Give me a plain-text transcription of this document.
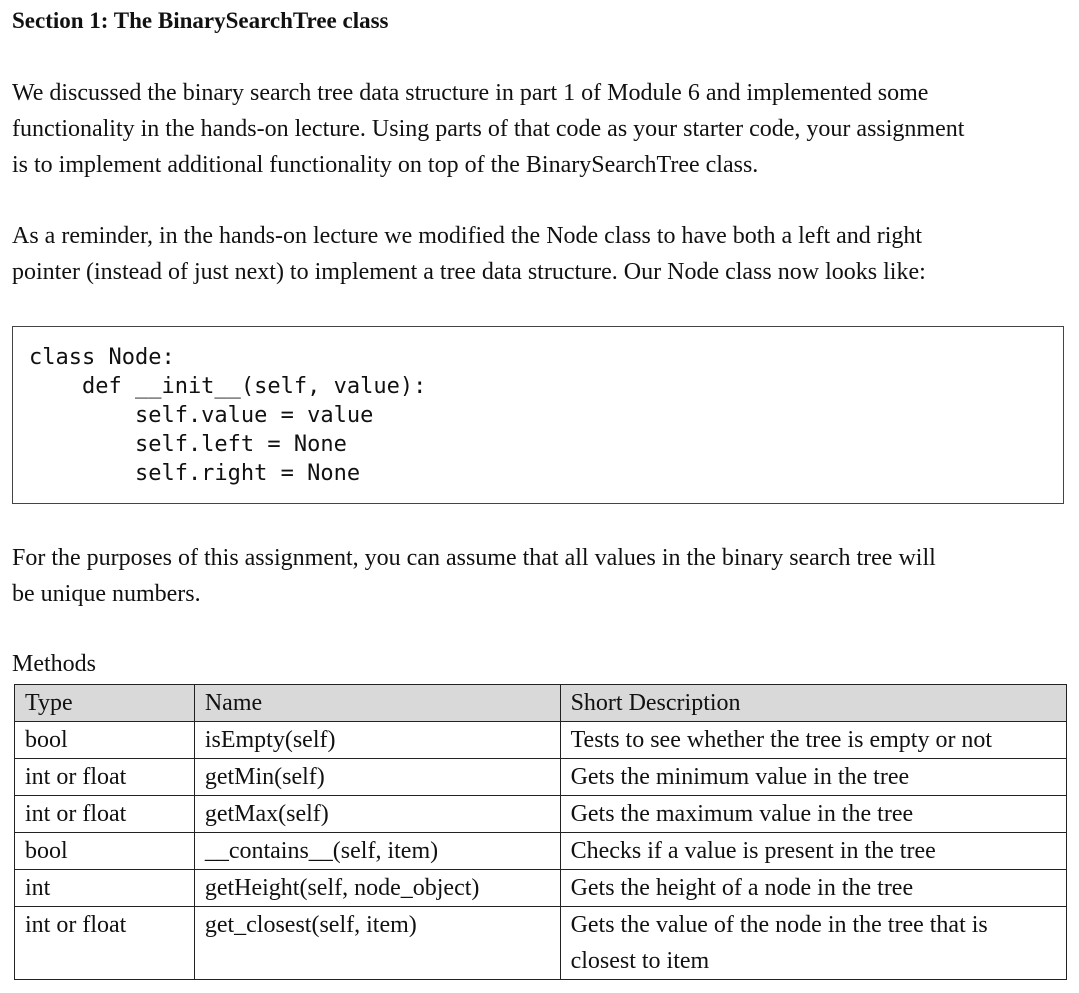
Section 1: The BinarySearchTree class
We discussed the binary search tree data structure in part 1 of Module 6 and implemented some
functionality in the hands-on lecture. Using parts of that code as your starter code, your assignment
is to implement additional functionality on top of the BinarySearchTree class.
As a reminder, in the hands-on lecture we modified the Node class to have both a left and right
pointer (instead of just next) to implement a tree data structure. Our Node class now looks like:
class Node:
def __init__(self, value):
self.value = value
self.left = None
self.right = None
For the purposes of this assignment, you can assume that all values in the binary search tree will
be unique numbers.
Methods
Type	Name	Short Description
bool	isEmpty(self)	Tests to see whether the tree is empty or not
int or float	getMin(self)	Gets the minimum value in the tree
int or float	getMax(self)	Gets the maximum value in the tree
bool	__contains__(self, item)	Checks if a value is present in the tree
int	getHeight(self, node_object)	Gets the height of a node in the tree
int or float	get_closest(self, item)	Gets the value of the node in the tree that is closest to item
